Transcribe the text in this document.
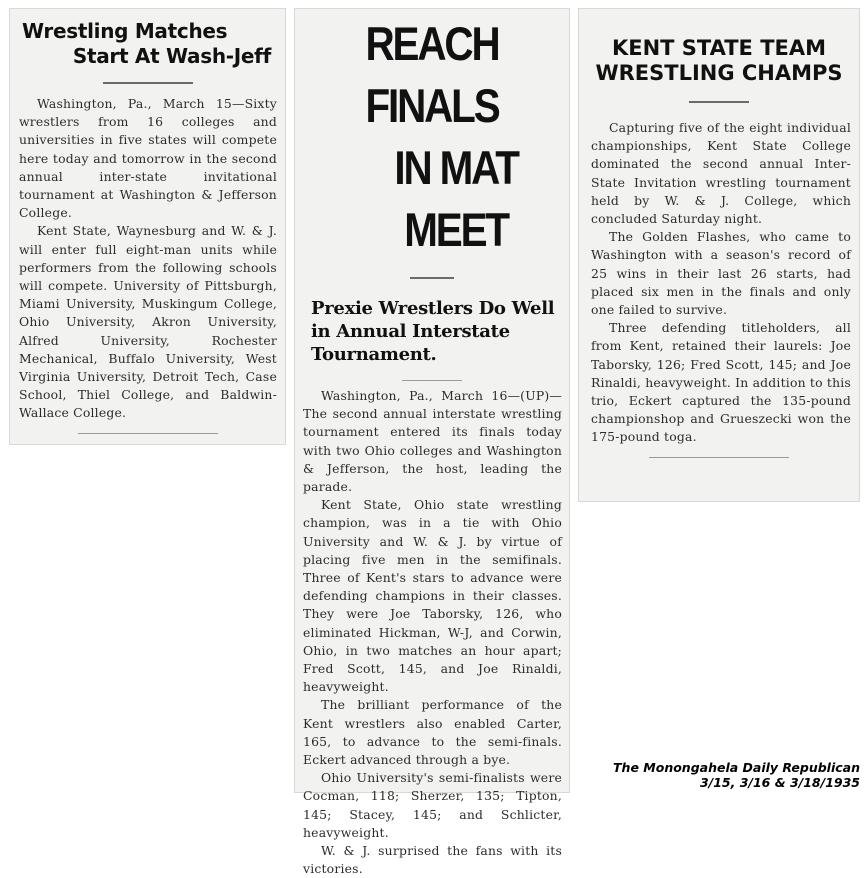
Wrestling Matches
Start At Wash-Jeff

Washington, Pa., March 15—Sixty wrestlers from 16 colleges and universities in five states will compete here today and tomorrow in the second annual inter-state invitational tournament at Washington & Jefferson College.

Kent State, Waynesburg and W. & J. will enter full eight-man units while performers from the following schools will compete. University of Pittsburgh, Miami University, Muskingum College, Ohio University, Akron University, Alfred University, Rochester Mechanical, Buffalo University, West Virginia University, Detroit Tech, Case School, Thiel College, and Baldwin-Wallace College.

REACH FINALS
IN MAT MEET
Prexie Wrestlers Do Well in Annual Interstate Tournament.

Washington, Pa., March 16—(UP)—The second annual interstate wrestling tournament entered its finals today with two Ohio colleges and Washington & Jefferson, the host, leading the parade.

Kent State, Ohio state wrestling champion, was in a tie with Ohio University and W. & J. by virtue of placing five men in the semifinals. Three of Kent's stars to advance were defending champions in their classes. They were Joe Taborsky, 126, who eliminated Hickman, W-J, and Corwin, Ohio, in two matches an hour apart; Fred Scott, 145, and Joe Rinaldi, heavyweight.

The brilliant performance of the Kent wrestlers also enabled Carter, 165, to advance to the semi-finals. Eckert advanced through a bye.

Ohio University's semi-finalists were Cocman, 118; Sherzer, 135; Tipton, 145; Stacey, 145; and Schlicter, heavyweight.

W. & J. surprised the fans with its victories.

KENT STATE TEAM
WRESTLING CHAMPS

Capturing five of the eight individual championships, Kent State College dominated the second annual Inter-State Invitation wrestling tournament held by W. & J. College, which concluded Saturday night.

The Golden Flashes, who came to Washington with a season's record of 25 wins in their last 26 starts, had placed six men in the finals and only one failed to survive.

Three defending titleholders, all from Kent, retained their laurels: Joe Taborsky, 126; Fred Scott, 145; and Joe Rinaldi, heavyweight. In addition to this trio, Eckert captured the 135-pound championshop and Grueszecki won the 175-pound toga.

The Monongahela Daily Republican
3/15, 3/16 & 3/18/1935
